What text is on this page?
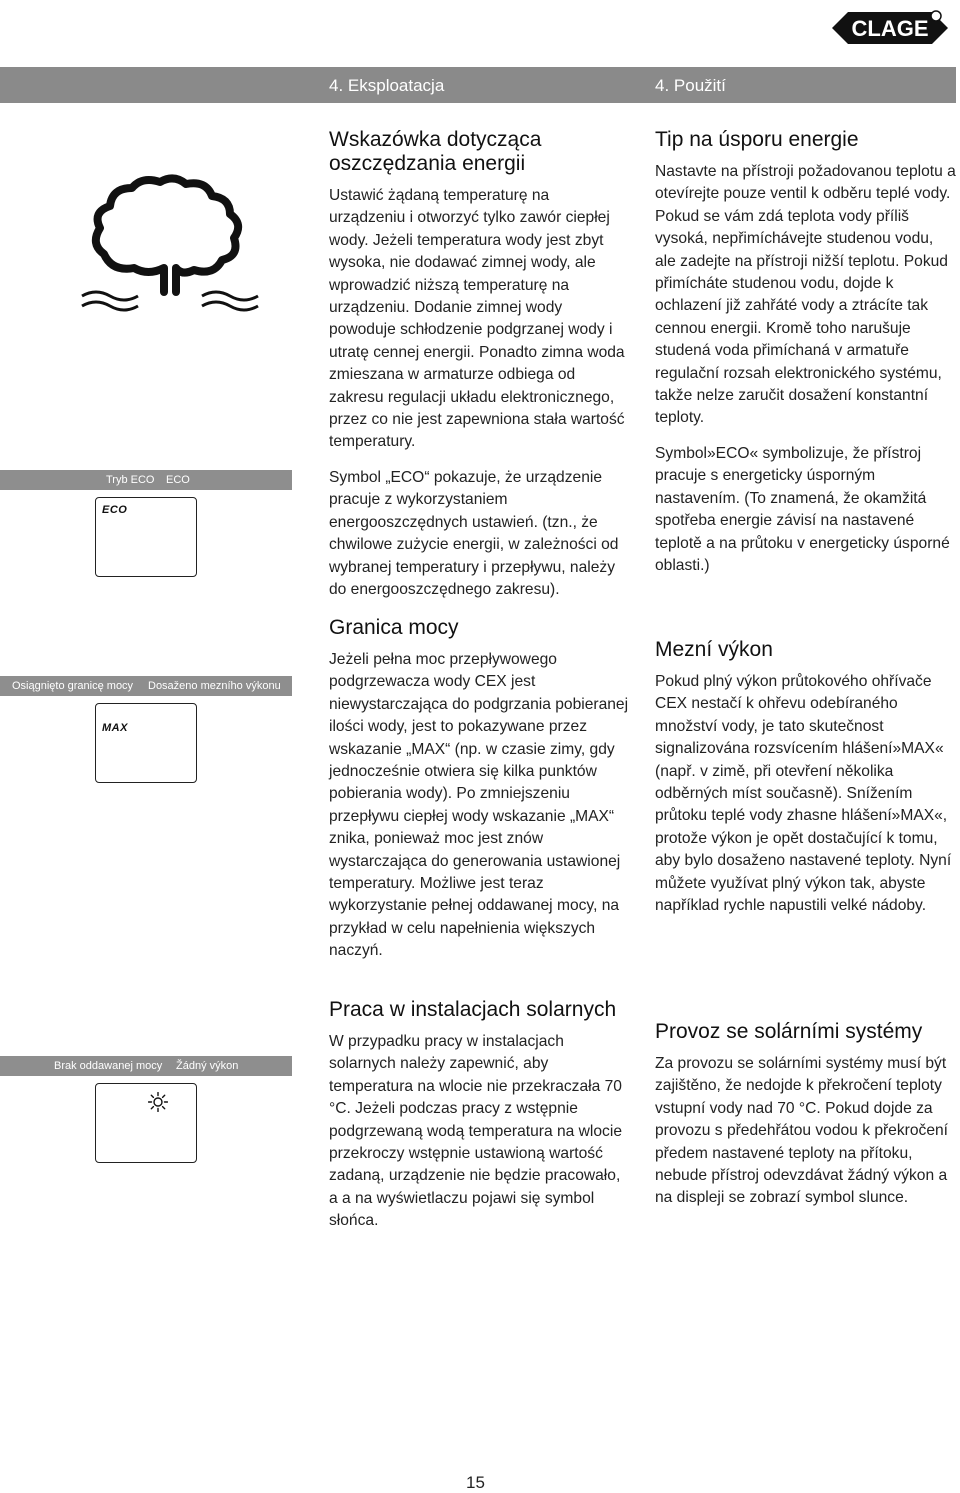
CLAGE
4. Eksploatacja	4. Použití
Tryb ECO ECO
ECO
Wskazówka dotycząca oszczędzania energii

Ustawić żądaną temperaturę na urządzeniu i otworzyć tylko zawór ciepłej wody. Jeżeli temperatura wody jest zbyt wysoka, nie dodawać zimnej wody, ale wprowadzić niższą temperaturę na urządzeniu. Dodanie zimnej wody powoduje schłodzenie podgrzanej wody i utratę cennej energii. Ponadto zimna woda zmieszana w armaturze odbiega od zakresu regulacji układu elektronicznego, przez co nie jest zapewniona stała wartość temperatury.

Symbol „ECO“ pokazuje, że urządzenie pracuje z wykorzystaniem energooszczędnych ustawień. (tzn., że chwilowe zużycie energii, w zależności od wybranej temperatury i przepływu, należy do energooszczędnego zakresu).

Tip na úsporu energie

Nastavte na přístroji požadovanou teplotu a otevírejte pouze ventil k odběru teplé vody. Pokud se vám zdá teplota vody příliš vysoká, nepřimíchávejte studenou vodu, ale zadejte na přístroji nižší teplotu. Pokud přimícháte studenou vodu, dojde k ochlazení již zahřáté vody a ztrácíte tak cennou energii. Kromě toho narušuje studená voda přimíchaná v armatuře regulační rozsah elektronického systému, takže nelze zaručit dosažení konstantní teploty.

Symbol»ECO« symbolizuje, že přístroj pracuje s energeticky úsporným nastavením. (To znamená, že okamžitá spotřeba energie závisí na nastavené teplotě a na průtoku v energeticky úsporné oblasti.)

Osiągnięto granicę mocy Dosaženo mezního výkonu
MAX
Granica mocy

Jeżeli pełna moc przepływowego podgrzewacza wody CEX jest niewystarczająca do podgrzania pobieranej ilości wody, jest to pokazywane przez wskazanie „MAX“ (np. w czasie zimy, gdy jednocześnie otwiera się kilka punktów pobierania wody). Po zmniejszeniu przepływu ciepłej wody wskazanie „MAX“ znika, ponieważ moc jest znów wystarczająca do generowania ustawionej temperatury. Możliwe jest teraz wykorzystanie pełnej oddawanej mocy, na przykład w celu napełnienia większych naczyń.

Mezní výkon

Pokud plný výkon průtokového ohřívače CEX nestačí k ohřevu odebíraného množství vody, je tato skutečnost signalizována rozsvícením hlášení»MAX« (např. v zimě, při otevření několika odběrných míst současně). Snížením průtoku teplé vody zhasne hlášení»MAX«, protože výkon je opět dostačující k tomu, aby bylo dosaženo nastavené teploty. Nyní můžete využívat plný výkon tak, abyste například rychle napustili velké nádoby.

Brak oddawanej mocy Žádný výkon
Praca w instalacjach solarnych

W przypadku pracy w instalacjach solarnych należy zapewnić, aby temperatura na wlocie nie przekraczała 70 °C. Jeżeli podczas pracy z wstępnie podgrzewaną wodą temperatura na wlocie przekroczy wstępnie ustawioną wartość zadaną, urządzenie nie będzie pracowało, a a na wyświetlaczu pojawi się symbol słońca.

Provoz se solárními systémy

Za provozu se solárními systémy musí být zajištěno, že nedojde k překročení teploty vstupní vody nad 70 °C. Pokud dojde za provozu s předehřátou vodou k překročení předem nastavené teploty na přítoku, nebude přístroj odevzdávat žádný výkon a na displeji se zobrazí symbol slunce.

15
